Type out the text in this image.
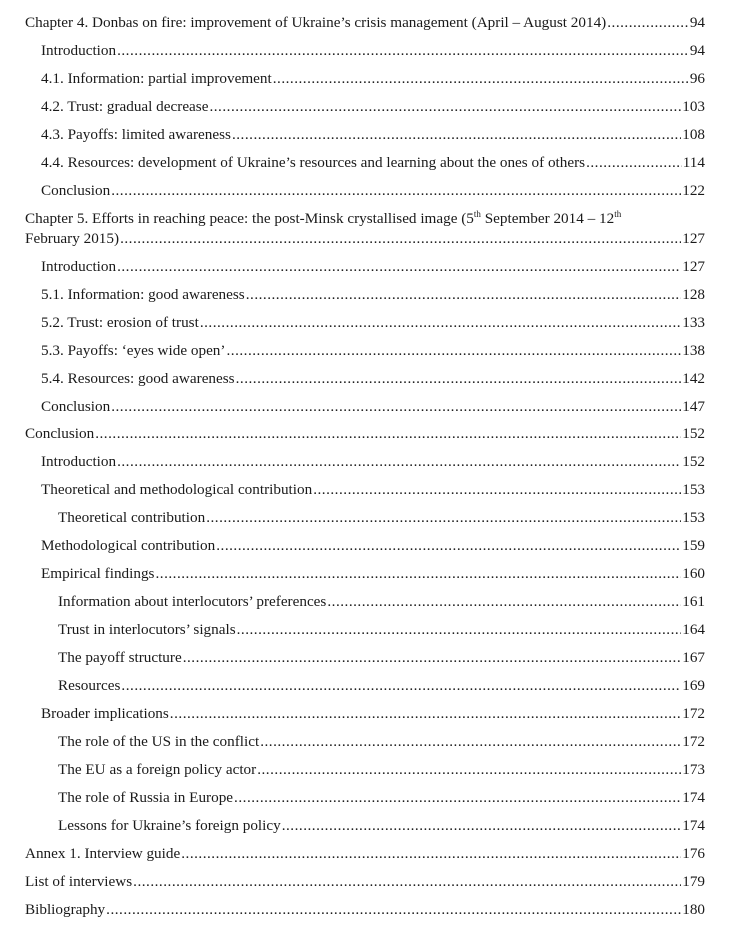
Chapter 4. Donbas on fire: improvement of Ukraine’s crisis management (April – August 2014) .....	94
Introduction .....	94
4.1. Information: partial improvement .....	96
4.2. Trust: gradual decrease .....	103
4.3. Payoffs: limited awareness .....	108
4.4. Resources: development of Ukraine’s resources and learning about the ones of others .....	114
Conclusion .....	122
Chapter 5. Efforts in reaching peace: the post-Minsk crystallised image (5th September 2014 – 12th
February 2015) .....	127
Introduction .....	127
5.1. Information: good awareness .....	128
5.2. Trust: erosion of trust .....	133
5.3. Payoffs: ‘eyes wide open’ .....	138
5.4. Resources: good awareness .....	142
Conclusion .....	147
Conclusion .....	152
Introduction .....	152
Theoretical and methodological contribution .....	153
Theoretical contribution .....	153
Methodological contribution .....	159
Empirical findings .....	160
Information about interlocutors’ preferences .....	161
Trust in interlocutors’ signals .....	164
The payoff structure .....	167
Resources .....	169
Broader implications .....	172
The role of the US in the conflict .....	172
The EU as a foreign policy actor .....	173
The role of Russia in Europe .....	174
Lessons for Ukraine’s foreign policy .....	174
Annex 1. Interview guide .....	176
List of interviews .....	179
Bibliography .....	180
